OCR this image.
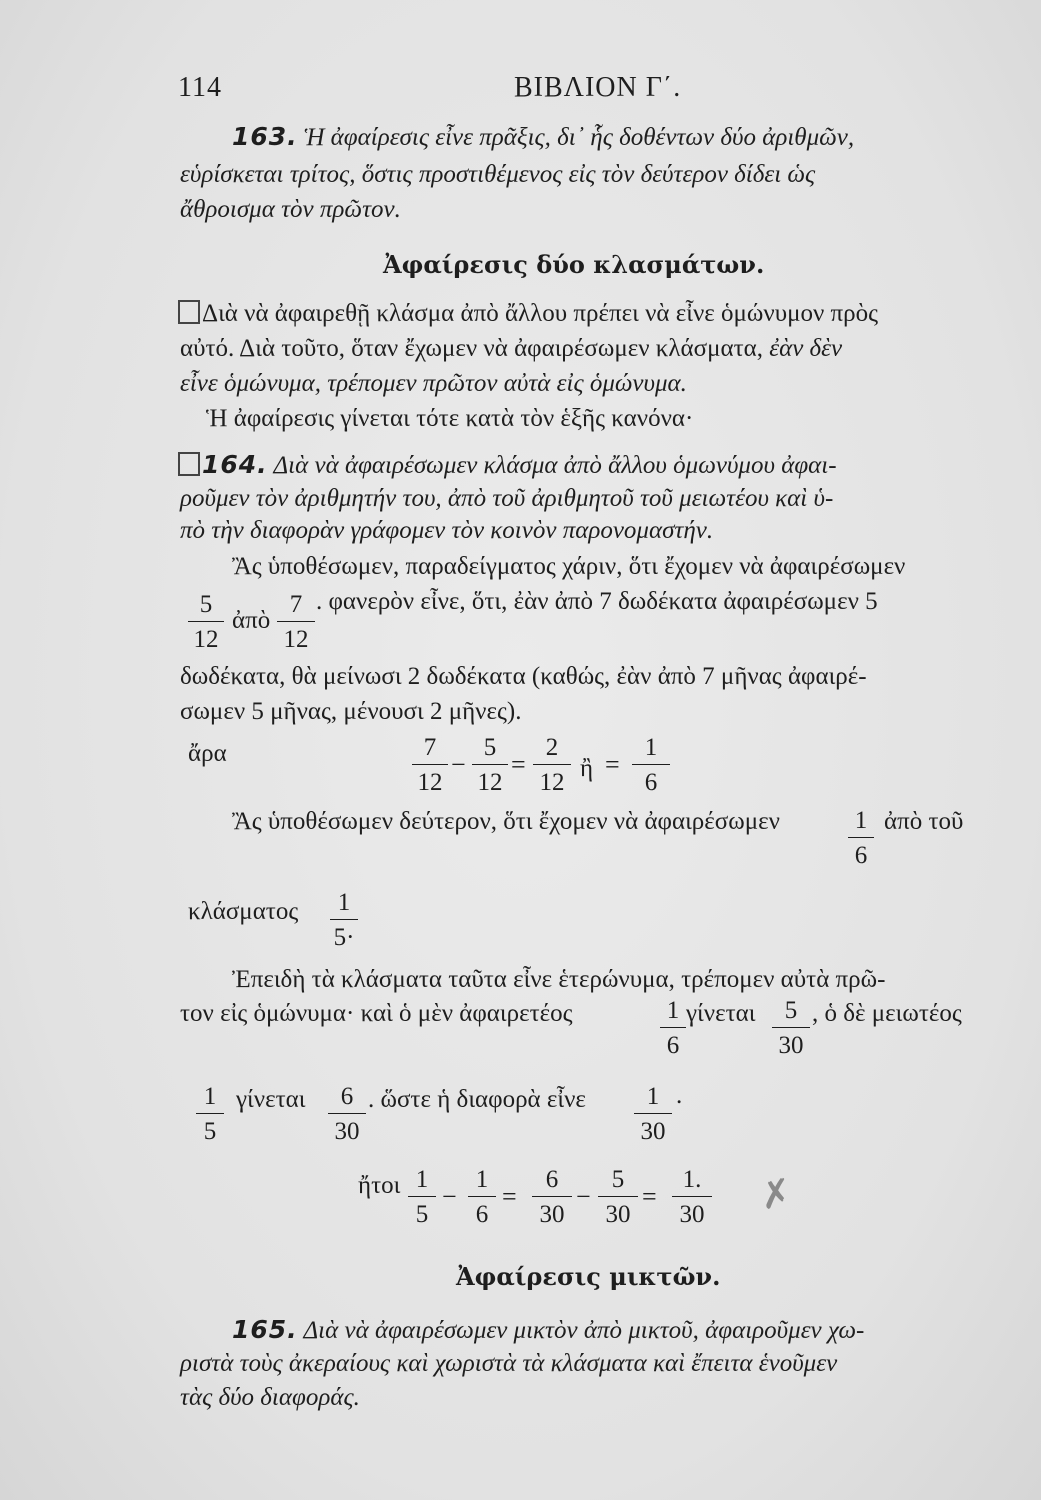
114	ΒΙΒΛΙΟΝ Γ΄.
163. Ἡ ἀφαίρεσις εἶνε πρᾶξις, δι᾽ ἧς δοθέντων δύο ἀριθμῶν,
εὑρίσκεται τρίτος, ὅστις προστιθέμενος εἰς τὸν δεύτερον δίδει ὡς
ἄθροισμα τὸν πρῶτον.
Ἀφαίρεσις δύο κλασμάτων.
Διὰ νὰ ἀφαιρεθῇ κλάσμα ἀπὸ ἄλλου πρέπει νὰ εἶνε ὁμώνυμον πρὸς
αὐτό. Διὰ τοῦτο, ὅταν ἔχωμεν νὰ ἀφαιρέσωμεν κλάσματα, ἐὰν δὲν
εἶνε ὁμώνυμα, τρέπομεν πρῶτον αὐτὰ εἰς ὁμώνυμα.
Ἡ ἀφαίρεσις γίνεται τότε κατὰ τὸν ἑξῆς κανόνα·
164. Διὰ νὰ ἀφαιρέσωμεν κλάσμα ἀπὸ ἄλλου ὁμωνύμου ἀφαι-
ροῦμεν τὸν ἀριθμητήν του, ἀπὸ τοῦ ἀριθμητοῦ τοῦ μειωτέου καὶ ὑ-
πὸ τὴν διαφορὰν γράφομεν τὸν κοινὸν παρονομαστήν.
Ἂς ὑποθέσωμεν, παραδείγματος χάριν, ὅτι ἔχομεν νὰ ἀφαιρέσωμεν
5
12
ἀπὸ
7
12
. φανερὸν εἶνε, ὅτι, ἐὰν ἀπὸ 7 δωδέκατα ἀφαιρέσωμεν 5
δωδέκατα, θὰ μείνωσι 2 δωδέκατα (καθώς, ἐὰν ἀπὸ 7 μῆνας ἀφαιρέ-
σωμεν 5 μῆνας, μένουσι 2 μῆνες).
ἄρα	7
12
−
5
12
=
2
12
ἢ =
1
6
Ἂς ὑποθέσωμεν δεύτερον, ὅτι ἔχομεν νὰ ἀφαιρέσωμεν	1
6
ἀπὸ τοῦ
κλάσματος	1
5·
Ἐπειδὴ τὰ κλάσματα ταῦτα εἶνε ἑτερώνυμα, τρέπομεν αὐτὰ πρῶ-
τον εἰς ὁμώνυμα· καὶ ὁ μὲν ἀφαιρετέος	1
6
γίνεται	5
30
, ὁ δὲ μειωτέος
1
5
γίνεται	6
30
. ὥστε ἡ διαφορὰ εἶνε	1
30
.
ἤτοι 1
5
−
1
6
=
6
30
−
5
30
=
1.
30 ✗
Ἀφαίρεσις μικτῶν.
165. Διὰ νὰ ἀφαιρέσωμεν μικτὸν ἀπὸ μικτοῦ, ἀφαιροῦμεν χω-
ριστὰ τοὺς ἀκεραίους καὶ χωριστὰ τὰ κλάσματα καὶ ἔπειτα ἑνοῦμεν
τὰς δύο διαφοράς.
